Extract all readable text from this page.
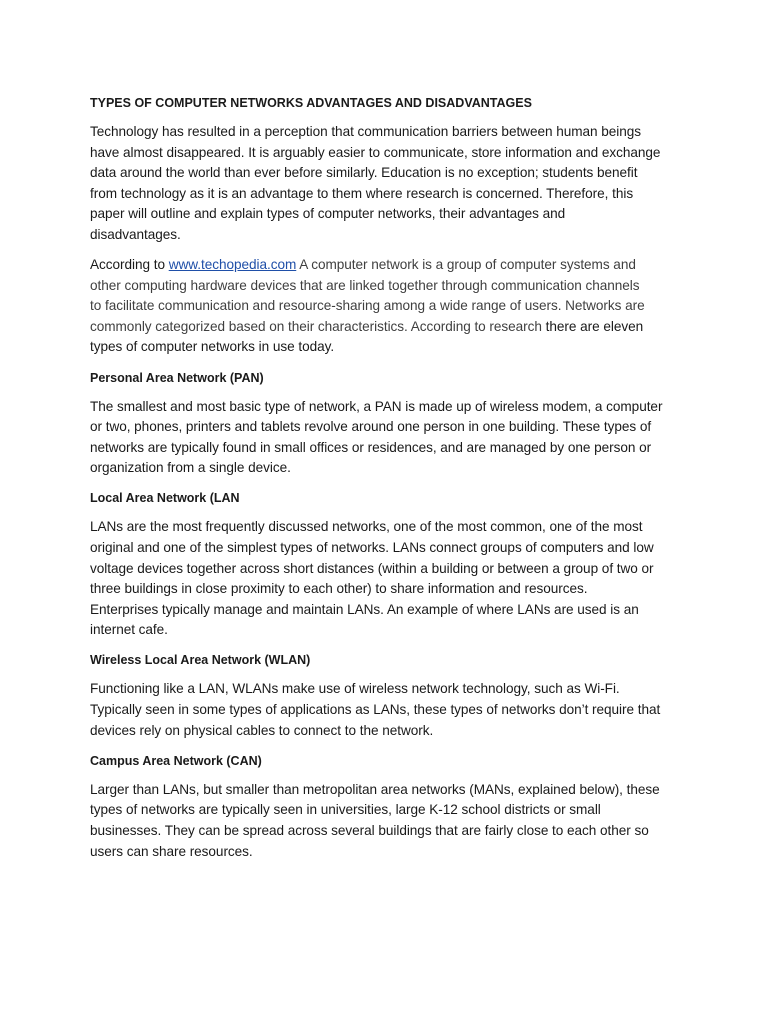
TYPES OF COMPUTER NETWORKS ADVANTAGES AND DISADVANTAGES
Technology has resulted in a perception that communication barriers between human beings
have almost disappeared. It is arguably easier to communicate, store information and exchange
data around the world than ever before similarly. Education is no exception; students benefit
from technology as it is an advantage to them where research is concerned. Therefore, this
paper will outline and explain types of computer networks, their advantages and
disadvantages.
According to www.techopedia.com A computer network is a group of computer systems and
other computing hardware devices that are linked together through communication channels
to facilitate communication and resource-sharing among a wide range of users. Networks are
commonly categorized based on their characteristics. According to research there are eleven
types of computer networks in use today.
Personal Area Network (PAN)
The smallest and most basic type of network, a PAN is made up of wireless modem, a computer
or two, phones, printers and tablets revolve around one person in one building. These types of
networks are typically found in small offices or residences, and are managed by one person or
organization from a single device.
Local Area Network (LAN
LANs are the most frequently discussed networks, one of the most common, one of the most
original and one of the simplest types of networks. LANs connect groups of computers and low
voltage devices together across short distances (within a building or between a group of two or
three buildings in close proximity to each other) to share information and resources.
Enterprises typically manage and maintain LANs. An example of where LANs are used is an
internet cafe.
Wireless Local Area Network (WLAN)
Functioning like a LAN, WLANs make use of wireless network technology, such as Wi-Fi.
Typically seen in some types of applications as LANs, these types of networks don’t require that
devices rely on physical cables to connect to the network.
Campus Area Network (CAN)
Larger than LANs, but smaller than metropolitan area networks (MANs, explained below), these
types of networks are typically seen in universities, large K-12 school districts or small
businesses. They can be spread across several buildings that are fairly close to each other so
users can share resources.
